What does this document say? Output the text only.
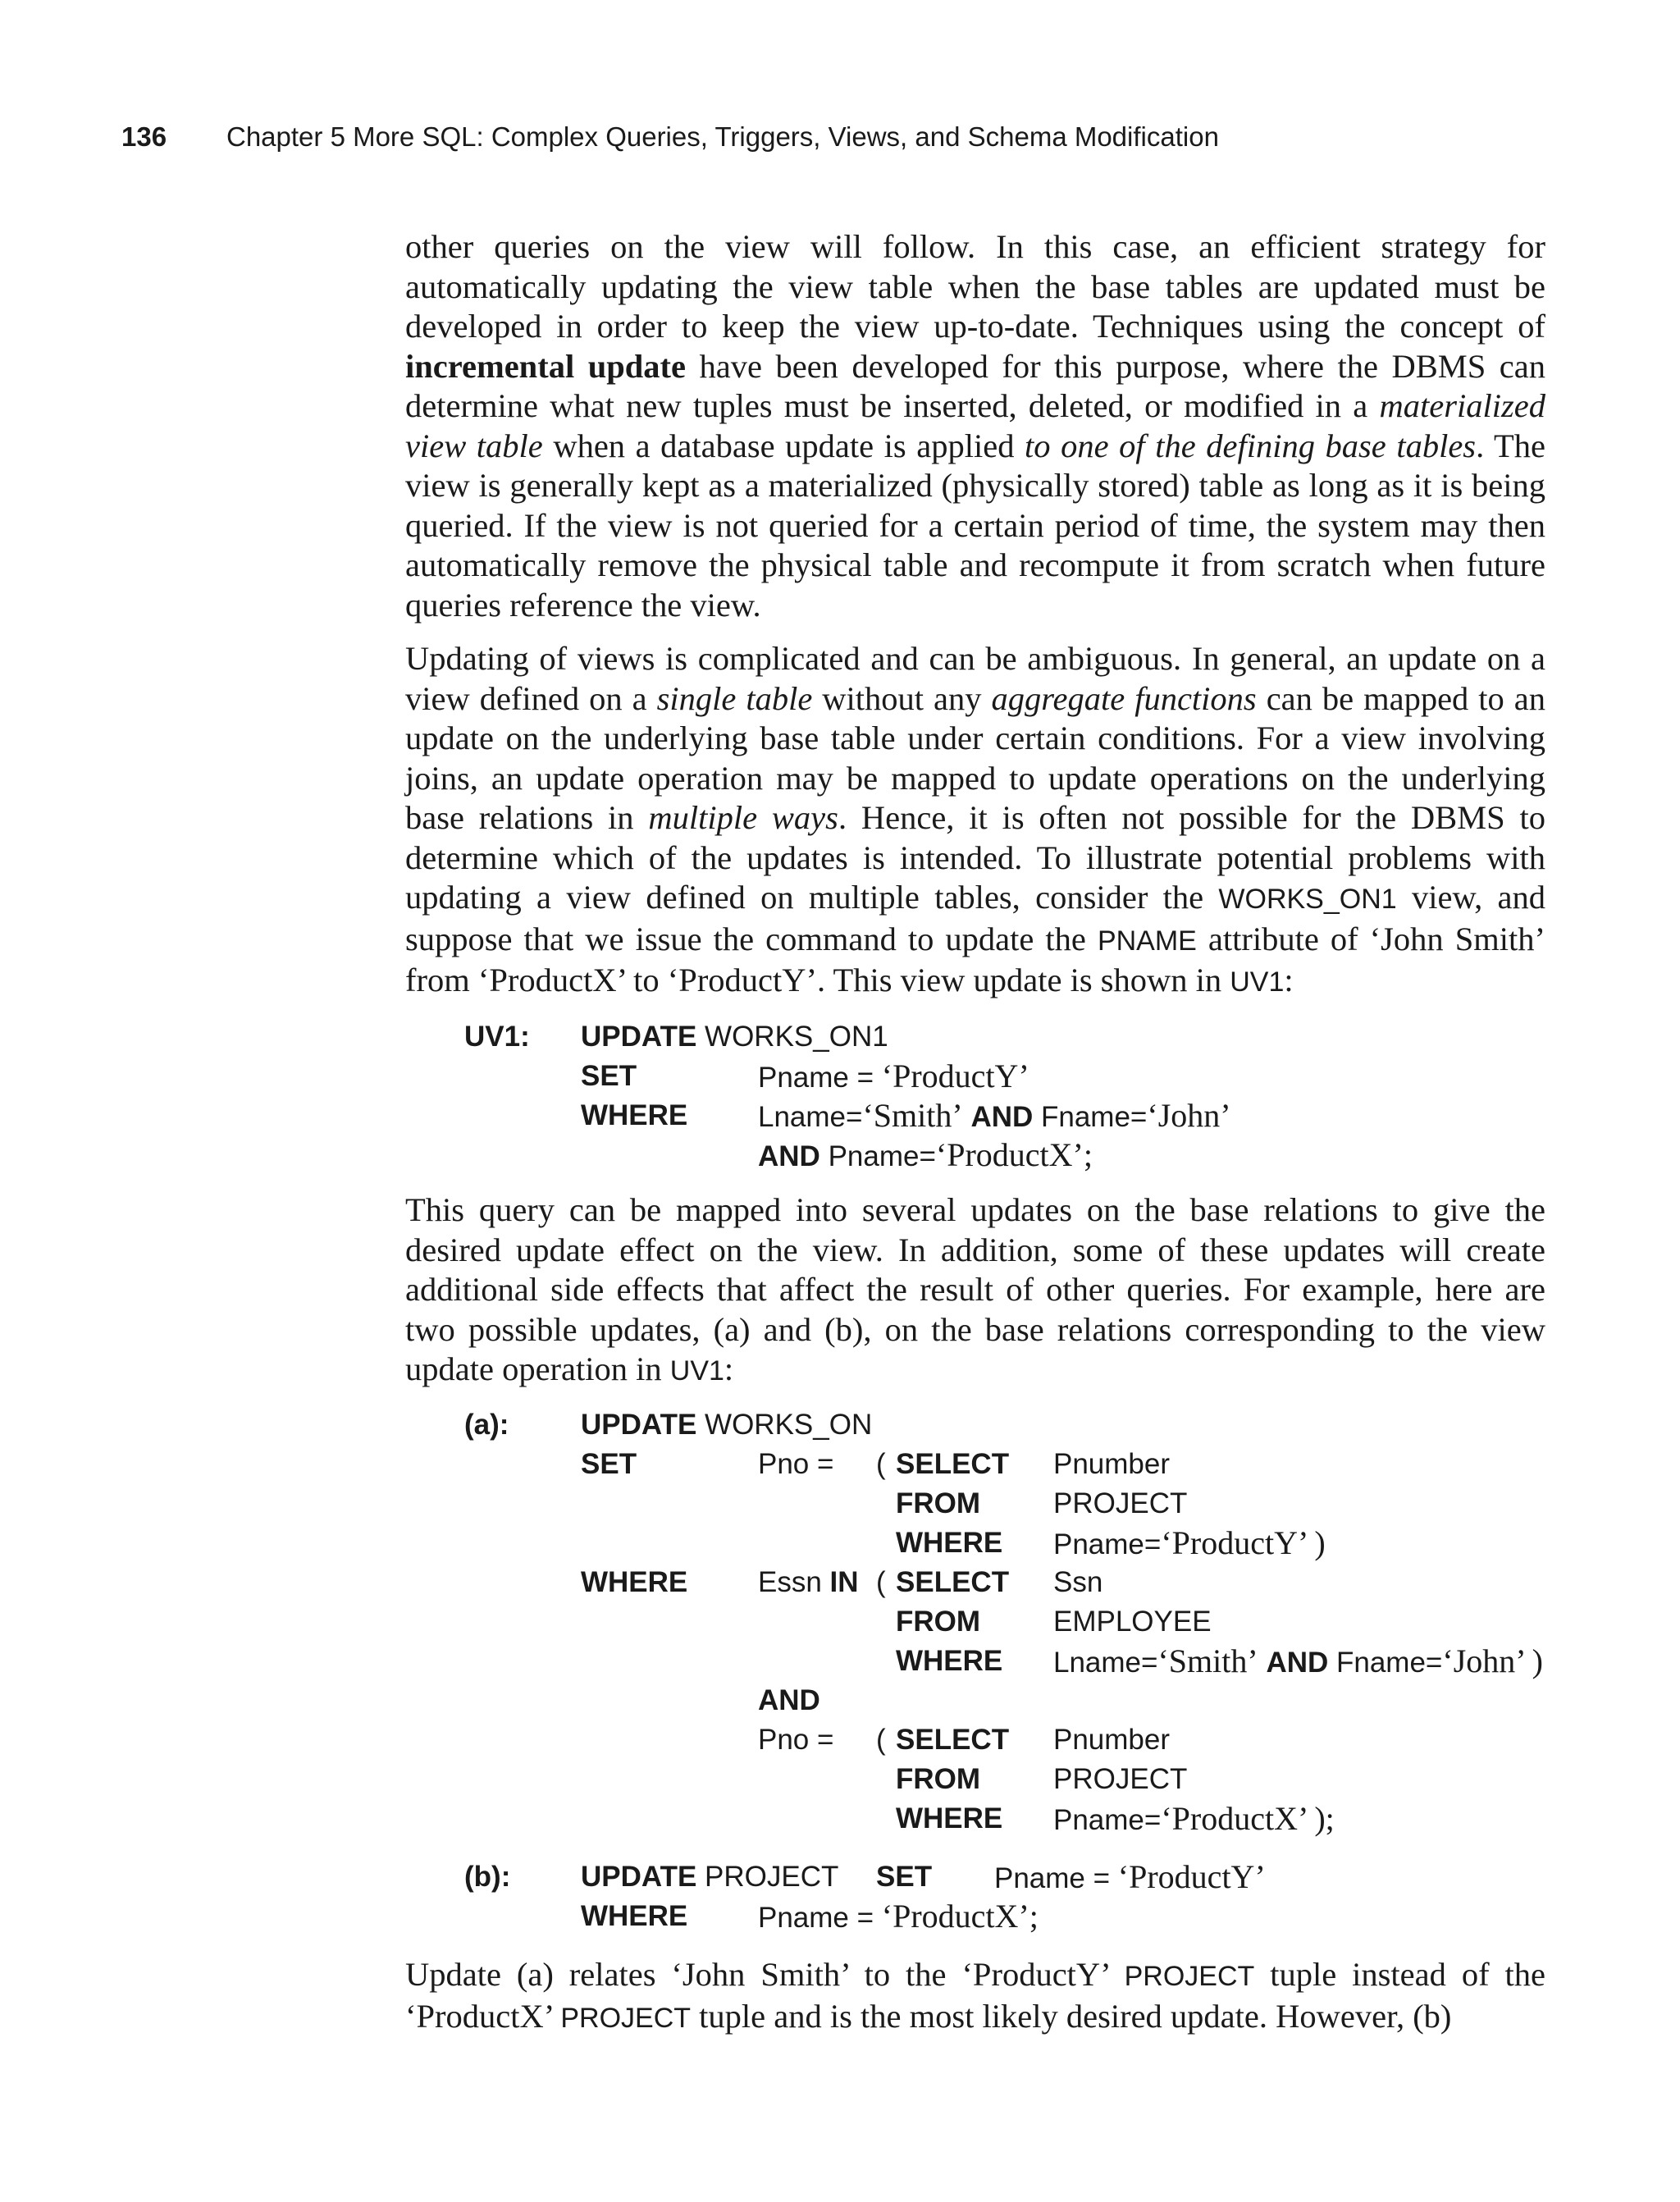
136 Chapter 5 More SQL: Complex Queries, Triggers, Views, and Schema Modification

other queries on the view will follow. In this case, an efficient strategy for automatically updating the view table when the base tables are updated must be developed in order to keep the view up-to-date. Techniques using the concept of incremental update have been developed for this purpose, where the DBMS can determine what new tuples must be inserted, deleted, or modified in a materialized view table when a database update is applied to one of the defining base tables. The view is generally kept as a materialized (physically stored) table as long as it is being queried. If the view is not queried for a certain period of time, the system may then automatically remove the physical table and recompute it from scratch when future queries reference the view.

Updating of views is complicated and can be ambiguous. In general, an update on a view defined on a single table without any aggregate functions can be mapped to an update on the underlying base table under certain conditions. For a view involving joins, an update operation may be mapped to update operations on the underlying base relations in multiple ways. Hence, it is often not possible for the DBMS to determine which of the updates is intended. To illustrate potential problems with updating a view defined on multiple tables, consider the WORKS_ON1 view, and suppose that we issue the command to update the PNAME attribute of ‘John Smith’ from ‘ProductX’ to ‘ProductY’. This view update is shown in UV1:

UV1: UPDATE WORKS_ON1
SET	Pname = ‘ProductY’
WHERE Lname=‘Smith’ AND Fname=‘John’
AND Pname=‘ProductX’;

This query can be mapped into several updates on the base relations to give the desired update effect on the view. In addition, some of these updates will create additional side effects that affect the result of other queries. For example, here are two possible updates, (a) and (b), on the base relations corresponding to the view update operation in UV1:

(a):	UPDATE WORKS_ON
SET	Pno = ( SELECT Pnumber
FROM	PROJECT
WHERE Pname=‘ProductY’ )
WHERE Essn IN ( SELECT Ssn
FROM	EMPLOYEE
WHERE Lname=‘Smith’ AND Fname=‘John’ )
AND
Pno = ( SELECT Pnumber
FROM	PROJECT
WHERE Pname=‘ProductX’ );
(b): UPDATE PROJECT SET Pname = ‘ProductY’
WHERE Pname = ‘ProductX’;

Update (a) relates ‘John Smith’ to the ‘ProductY’ PROJECT tuple instead of the ‘ProductX’ PROJECT tuple and is the most likely desired update. However, (b)
